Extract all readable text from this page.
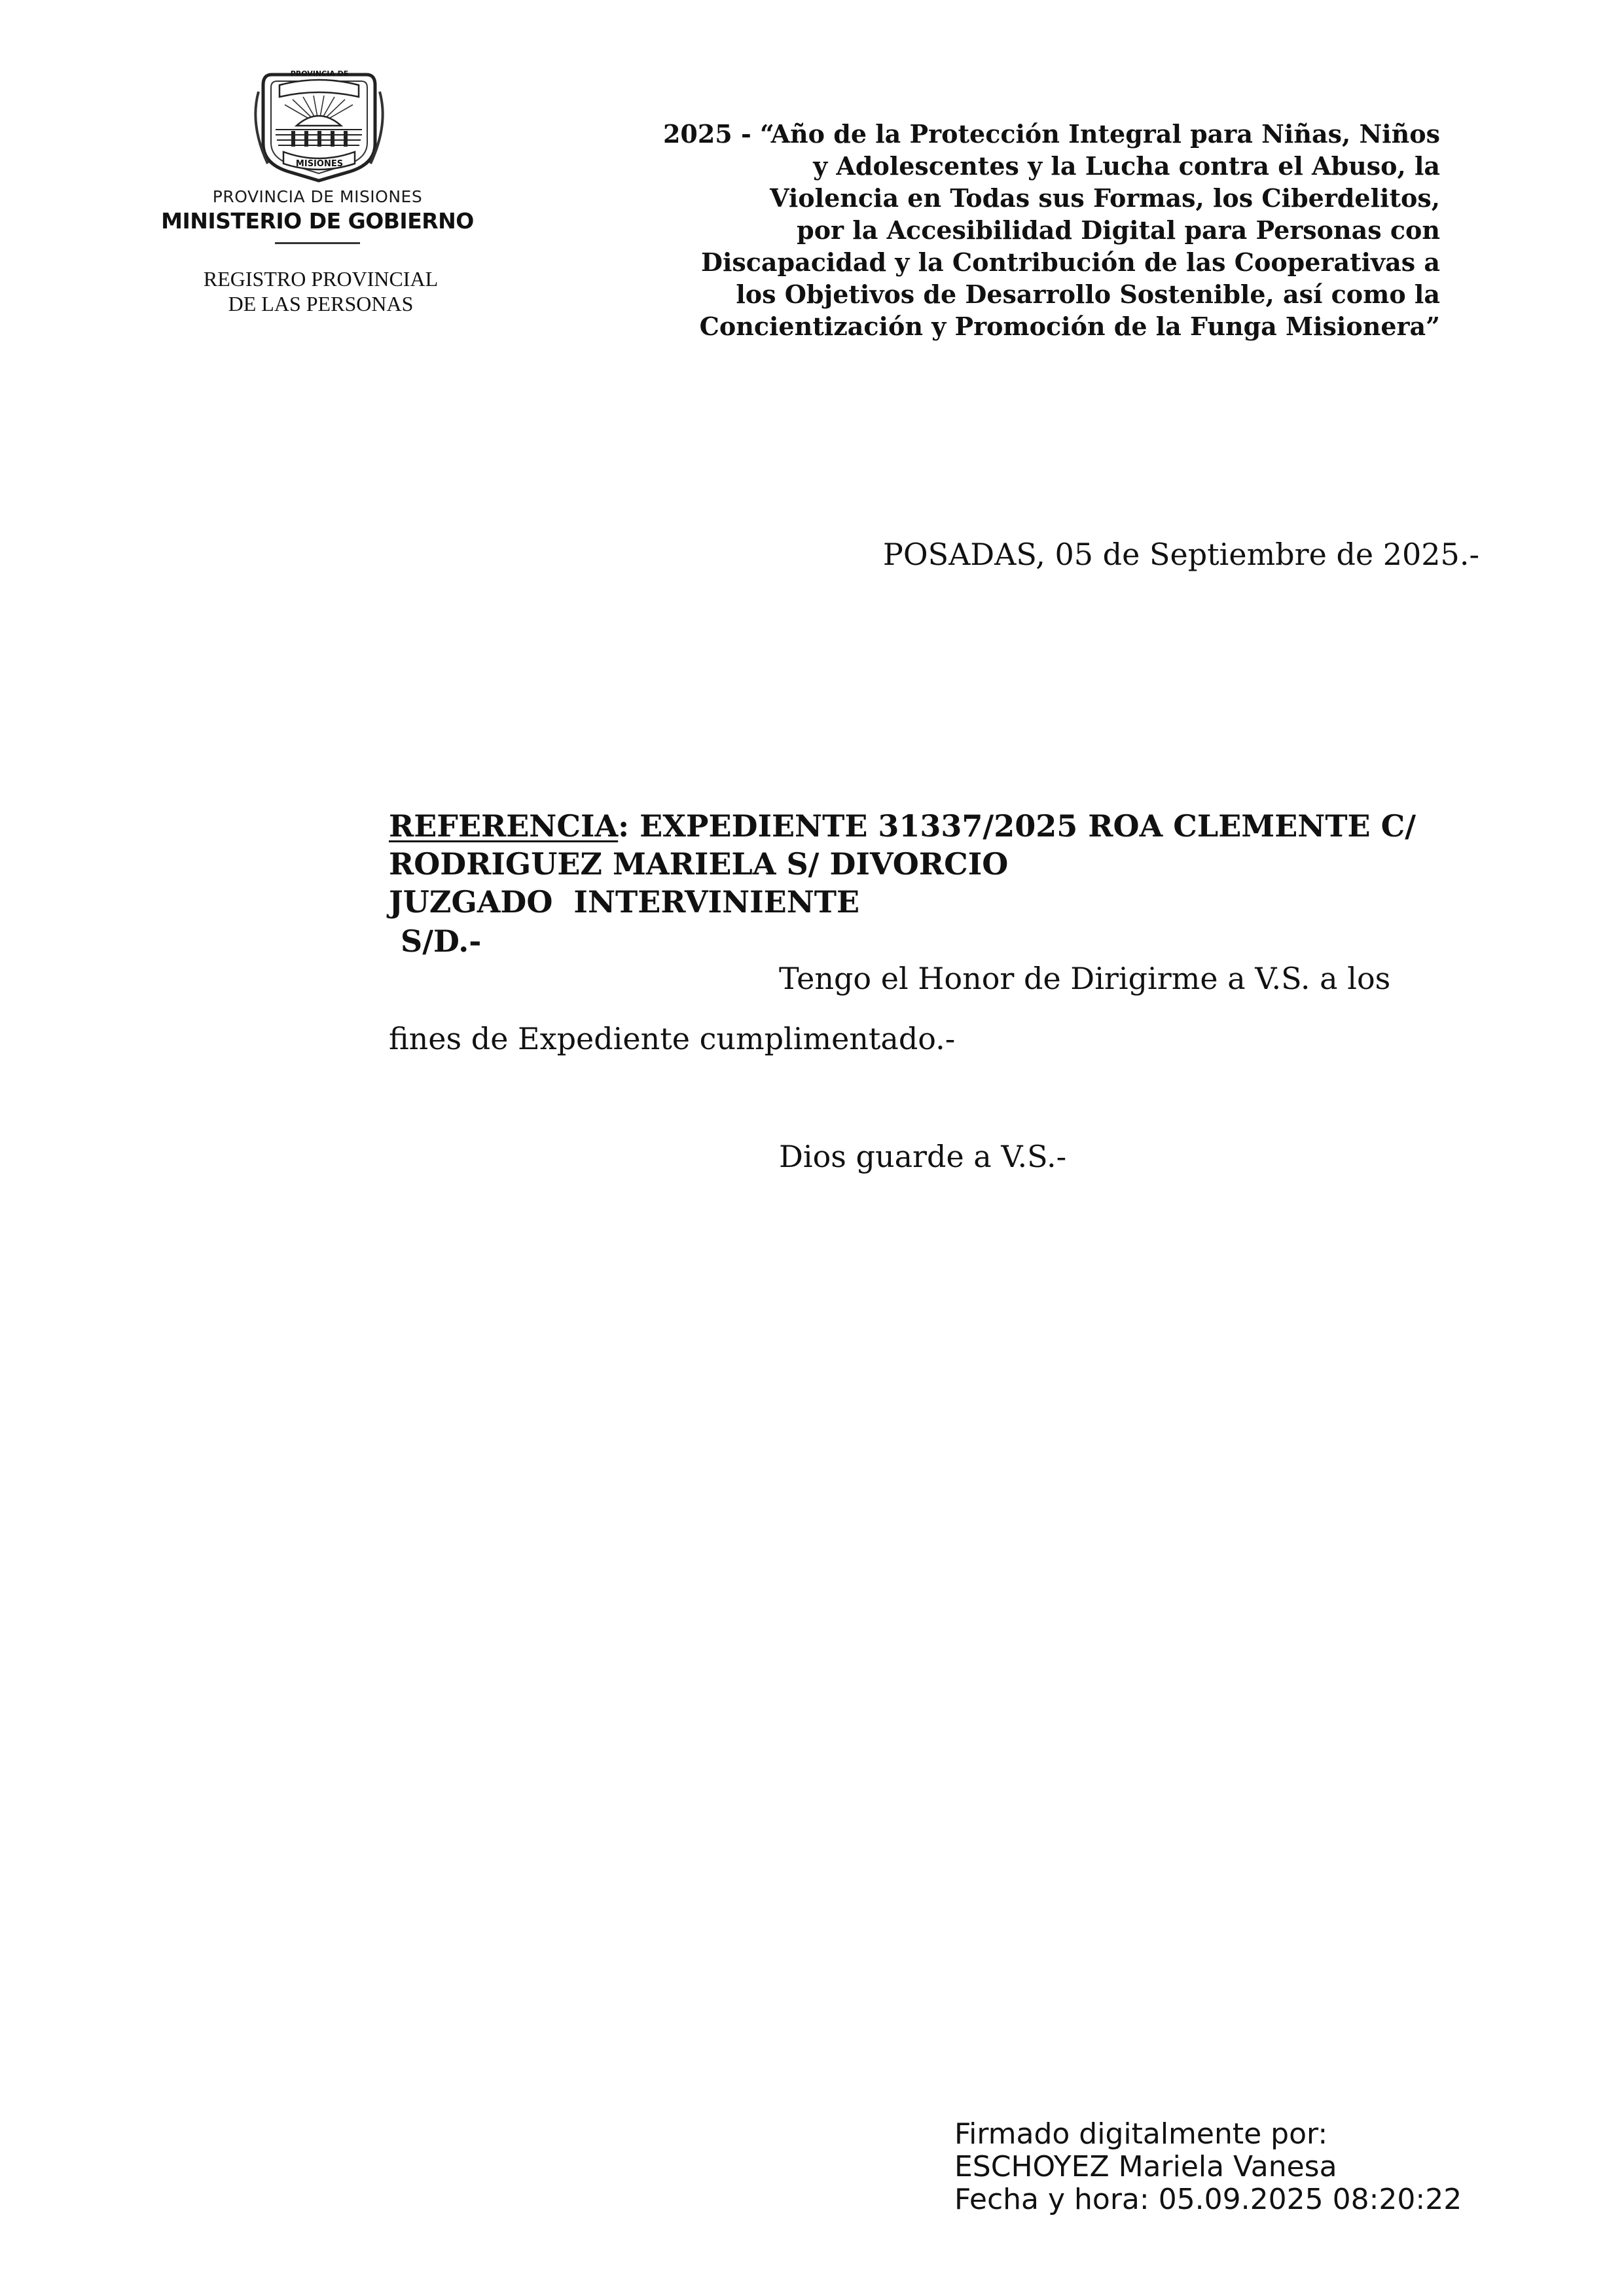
PROVINCIA DE
MISIONES
PROVINCIA DE MISIONES
MINISTERIO DE GOBIERNO
REGISTRO PROVINCIAL
DE LAS PERSONAS
2025 - “Año de la Protección Integral para Niñas, Niños
y Adolescentes y la Lucha contra el Abuso, la
Violencia en Todas sus Formas, los Ciberdelitos,
por la Accesibilidad Digital para Personas con
Discapacidad y la Contribución de las Cooperativas a
los Objetivos de Desarrollo Sostenible, así como la
Concientización y Promoción de la Funga Misionera”
POSADAS, 05 de Septiembre de 2025.-
REFERENCIA: EXPEDIENTE 31337/2025 ROA CLEMENTE C/
RODRIGUEZ MARIELA S/ DIVORCIO
JUZGADO  INTERVINIENTE
S/D.-
Tengo el Honor de Dirigirme a V.S. a los
fines de Expediente cumplimentado.-
Dios guarde a V.S.-
Firmado digitalmente por:
ESCHOYEZ Mariela Vanesa
Fecha y hora: 05.09.2025 08:20:22
